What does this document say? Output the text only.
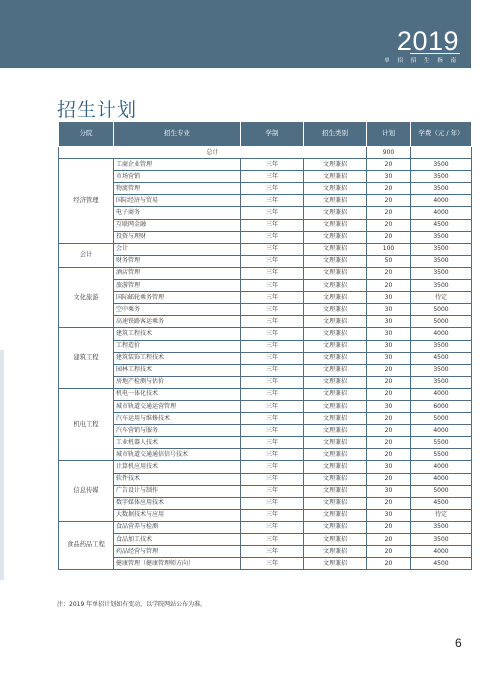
2019
单 招 招 生 指 南
招生计划
分院	招生专业	学制	招生类别	计划	学费（元 / 年）
总计				900	
经济管理	工商企业管理	三年	文理兼招	20	3500
	市场营销	三年	文理兼招	30	3500
	物流管理	三年	文理兼招	20	3500
	国际经济与贸易	三年	文理兼招	20	4000
	电子商务	三年	文理兼招	20	4000
	互联网金融	三年	文理兼招	20	4500
	投资与理财	三年	文理兼招	20	3500
会计	会计	三年	文理兼招	100	3500
	财务管理	三年	文理兼招	50	3500
文化旅游	酒店管理	三年	文理兼招	20	3500
	旅游管理	三年	文理兼招	20	3500
	国际邮轮乘务管理	三年	文理兼招	30	待定
	空中乘务	三年	文理兼招	30	5000
	高速铁路客运乘务	三年	文理兼招	30	5000
建筑工程	建筑工程技术	三年	文理兼招	30	4000
	工程造价	三年	文理兼招	30	3500
	建筑装饰工程技术	三年	文理兼招	30	4500
	园林工程技术	三年	文理兼招	20	3500
	房地产检测与估价	三年	文理兼招	20	3500
机电工程	机电一体化技术	三年	文理兼招	20	4000
	城市轨道交通运营管理	三年	文理兼招	30	6000
	汽车运用与维修技术	三年	文理兼招	20	5000
	汽车营销与服务	三年	文理兼招	20	4000
	工业机器人技术	三年	文理兼招	20	5500
	城市轨道交通通信信号技术	三年	文理兼招	20	5500
信息传媒	计算机应用技术	三年	文理兼招	30	4000
	软件技术	三年	文理兼招	20	4000
	广告设计与制作	三年	文理兼招	30	5000
	数字媒体应用技术	三年	文理兼招	20	4500
	大数据技术与应用	三年	文理兼招	30	待定
食品药品工程	食品营养与检测	三年	文理兼招	20	3500
	食品加工技术	三年	文理兼招	20	3500
	药品经营与管理	三年	文理兼招	20	4000
	健康管理（健康管理师方向）	三年	文理兼招	20	4500
注：2019 年单招计划如有变动，以学院网站公布为准。
6
